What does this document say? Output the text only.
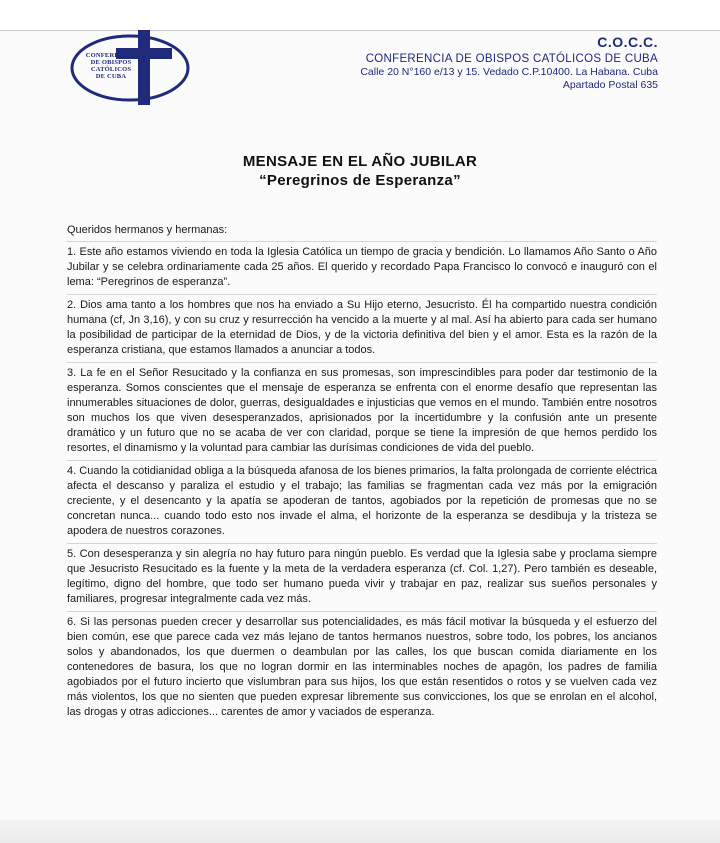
CONFERENCIA
DE OBISPOS
CATÓLICOS
DE CUBA
C.O.C.C.
CONFERENCIA DE OBISPOS CATÓLICOS DE CUBA
Calle 20 N°160 e/13 y 15. Vedado C.P.10400. La Habana. Cuba
Apartado Postal 635
MENSAJE EN EL AÑO JUBILAR
“Peregrinos de Esperanza”

Queridos hermanos y hermanas:

1. Este año estamos viviendo en toda la Iglesia Católica un tiempo de gracia y bendición. Lo llamamos Año Santo o Año Jubilar y se celebra ordinariamente cada 25 años. El querido y recordado Papa Francisco lo convocó e inauguró con el lema: “Peregrinos de esperanza”.

2. Dios ama tanto a los hombres que nos ha enviado a Su Hijo eterno, Jesucristo. Él ha compartido nuestra condición humana (cf, Jn 3,16), y con su cruz y resurrección ha vencido a la muerte y al mal. Así ha abierto para cada ser humano la posibilidad de participar de la eternidad de Dios, y de la victoria definitiva del bien y el amor. Esta es la razón de la esperanza cristiana, que estamos llamados a anunciar a todos.

3. La fe en el Señor Resucitado y la confianza en sus promesas, son imprescindibles para poder dar testimonio de la esperanza. Somos conscientes que el mensaje de esperanza se enfrenta con el enorme desafío que representan las innumerables situaciones de dolor, guerras, desigualdades e injusticias que vemos en el mundo. También entre nosotros son muchos los que viven desesperanzados, aprisionados por la incertidumbre y la confusión ante un presente dramático y un futuro que no se acaba de ver con claridad, porque se tiene la impresión de que hemos perdido los resortes, el dinamismo y la voluntad para cambiar las durísimas condiciones de vida del pueblo.

4. Cuando la cotidianidad obliga a la búsqueda afanosa de los bienes primarios, la falta prolongada de corriente eléctrica afecta el descanso y paraliza el estudio y el trabajo; las familias se fragmentan cada vez más por la emigración creciente, y el desencanto y la apatía se apoderan de tantos, agobiados por la repetición de promesas que no se concretan nunca... cuando todo esto nos invade el alma, el horizonte de la esperanza se desdibuja y la tristeza se apodera de nuestros corazones.

5. Con desesperanza y sin alegría no hay futuro para ningún pueblo. Es verdad que la Iglesia sabe y proclama siempre que Jesucristo Resucitado es la fuente y la meta de la verdadera esperanza (cf. Col. 1,27). Pero también es deseable, legítimo, digno del hombre, que todo ser humano pueda vivir y trabajar en paz, realizar sus sueños personales y familiares, progresar integralmente cada vez más.

6. Si las personas pueden crecer y desarrollar sus potencialidades, es más fácil motivar la búsqueda y el esfuerzo del bien común, ese que parece cada vez más lejano de tantos hermanos nuestros, sobre todo, los pobres, los ancianos solos y abandonados, los que duermen o deambulan por las calles, los que buscan comida diariamente en los contenedores de basura, los que no logran dormir en las interminables noches de apagón, los padres de familia agobiados por el futuro incierto que vislumbran para sus hijos, los que están resentidos o rotos y se vuelven cada vez más violentos, los que no sienten que pueden expresar libremente sus convicciones, los que se enrolan en el alcohol, las drogas y otras adicciones... carentes de amor y vaciados de esperanza.
